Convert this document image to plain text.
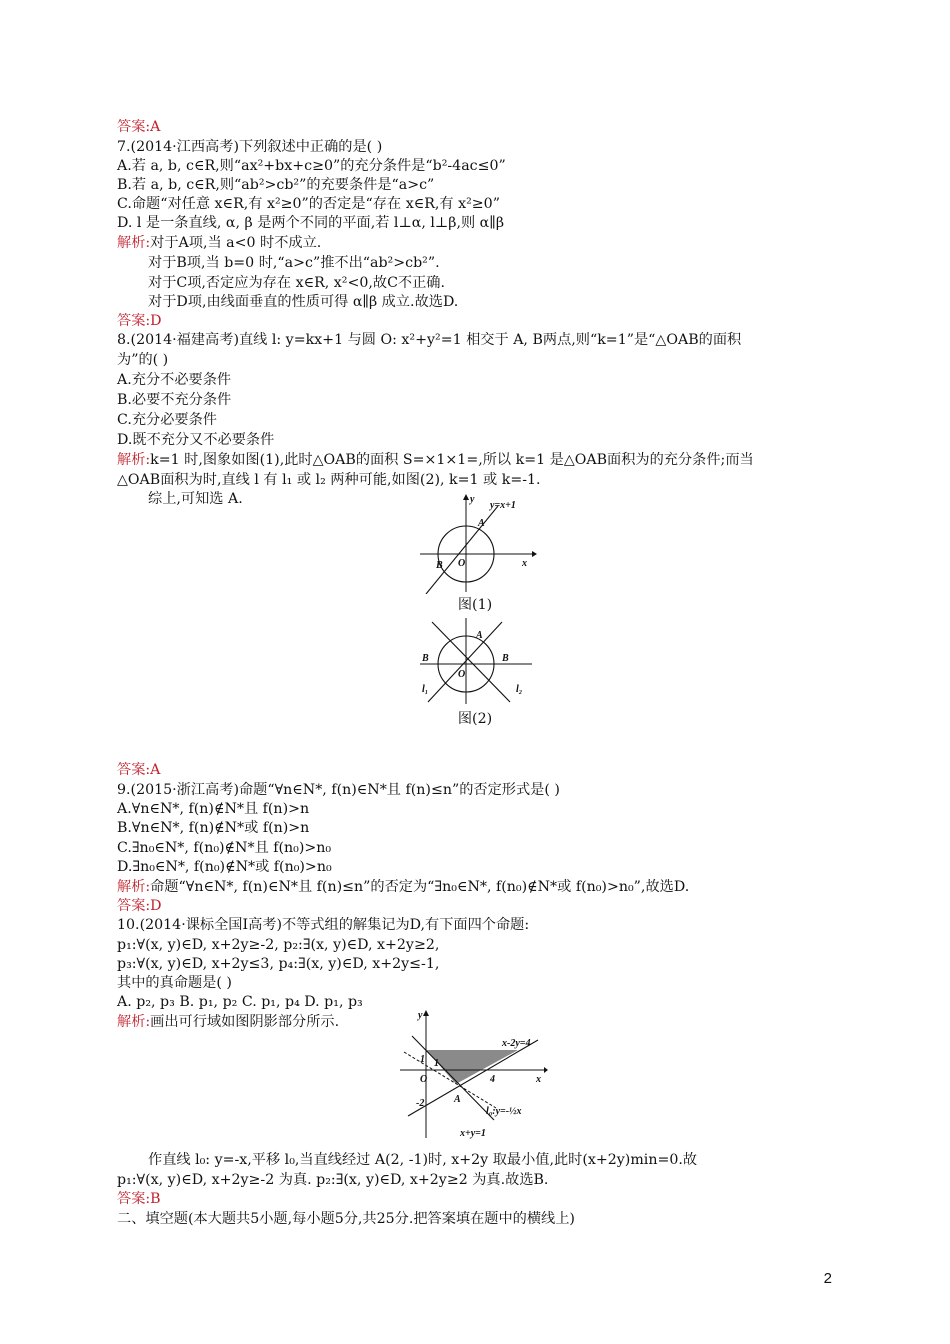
答案:A
7.(2014·江西高考)下列叙述中正确的是( )
A.若 a, b, c∈R,则“ax²+bx+c≥0”的充分条件是“b²-4ac≤0”
B.若 a, b, c∈R,则“ab²>cb²”的充要条件是“a>c”
C.命题“对任意 x∈R,有 x²≥0”的否定是“存在 x∈R,有 x²≥0”
D. l 是一条直线, α, β 是两个不同的平面,若 l⊥α, l⊥β,则 α∥β
解析:对于A项,当 a<0 时不成立.
对于B项,当 b=0 时,“a>c”推不出“ab²>cb²”.
对于C项,否定应为存在 x∈R, x²<0,故C不正确.
对于D项,由线面垂直的性质可得 α∥β 成立.故选D.
答案:D
8.(2014·福建高考)直线 l: y=kx+1 与圆 O: x²+y²=1 相交于 A, B两点,则“k=1”是“△OAB的面积
为”的( )
A.充分不必要条件
B.必要不充分条件
C.充分必要条件
D.既不充分又不必要条件
解析:k=1 时,图象如图(1),此时△OAB的面积 S=×1×1=,所以 k=1 是△OAB面积为的充分条件;而当
△OAB面积为时,直线 l 有 l₁ 或 l₂ 两种可能,如图(2), k=1 或 k=-1.
综上,可知选 A.
答案:A
9.(2015·浙江高考)命题“∀n∈N*, f(n)∈N*且 f(n)≤n”的否定形式是( )
A.∀n∈N*, f(n)∉N*且 f(n)>n
B.∀n∈N*, f(n)∉N*或 f(n)>n
C.∃n₀∈N*, f(n₀)∉N*且 f(n₀)>n₀
D.∃n₀∈N*, f(n₀)∉N*或 f(n₀)>n₀
解析:命题“∀n∈N*, f(n)∈N*且 f(n)≤n”的否定为“∃n₀∈N*, f(n₀)∉N*或 f(n₀)>n₀”,故选D.
答案:D
10.(2014·课标全国Ⅰ高考)不等式组的解集记为D,有下面四个命题:
p₁:∀(x, y)∈D, x+2y≥-2, p₂:∃(x, y)∈D, x+2y≥2,
p₃:∀(x, y)∈D, x+2y≤3, p₄:∃(x, y)∈D, x+2y≤-1,
其中的真命题是( )
A. p₂, p₃ B. p₁, p₂ C. p₁, p₄ D. p₁, p₃
解析:画出可行域如图阴影部分所示.
作直线 l₀: y=-x,平移 l₀,当直线经过 A(2, -1)时, x+2y 取最小值,此时(x+2y)min=0.故
p₁:∀(x, y)∈D, x+2y≥-2 为真. p₂:∃(x, y)∈D, x+2y≥2 为真.故选B.
答案:B
二、填空题(本大题共5小题,每小题5分,共25分.把答案填在题中的横线上)
y
y=x+1
x
A
B O
图(1)
A
B	B
O
l₁	l₂
图(2)
y
x
x-2y=4
x+y=1
l₀:y=-½x
1 1
4
-2
O
A
2
